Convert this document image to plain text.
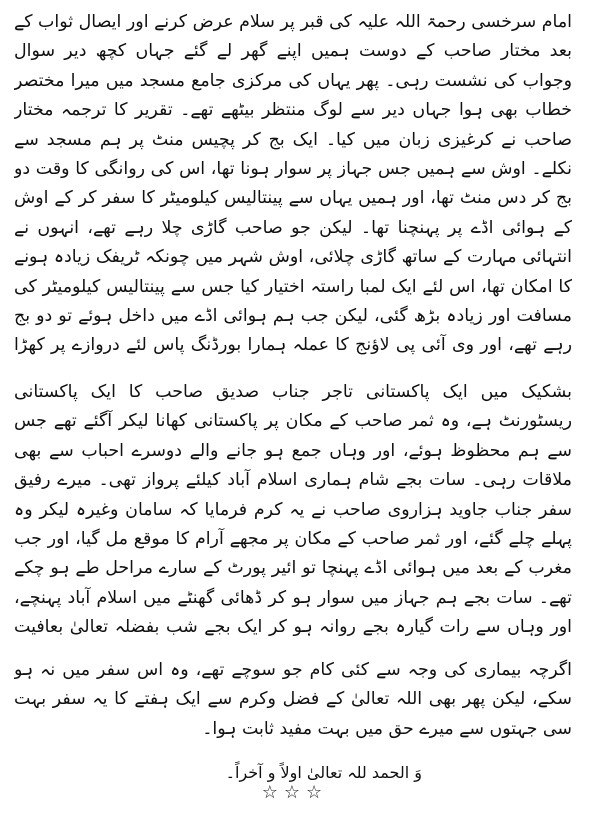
امام سرخسی رحمۃ اللہ علیہ کی قبر پر سلام عرض کرنے اور ایصال ثواب کے بعد مختار صاحب کے دوست ہمیں اپنے گھر لے گئے جہاں کچھ دیر سوال وجواب کی نشست رہی۔ پھر یہاں کی مرکزی جامع مسجد میں میرا مختصر خطاب بھی ہوا جہاں دیر سے لوگ منتظر بیٹھے تھے۔ تقریر کا ترجمہ مختار صاحب نے کرغیزی زبان میں کیا۔ ایک بج کر پچیس منٹ پر ہم مسجد سے نکلے۔ اوش سے ہمیں جس جہاز پر سوار ہونا تھا، اس کی روانگی کا وقت دو بج کر دس منٹ تھا، اور ہمیں یہاں سے پینتالیس کیلومیٹر کا سفر کر کے اوش کے ہوائی اڈے پر پہنچنا تھا۔ لیکن جو صاحب گاڑی چلا رہے تھے، انہوں نے انتہائی مہارت کے ساتھ گاڑی چلائی، اوش شہر میں چونکہ ٹریفک زیادہ ہونے کا امکان تھا، اس لئے ایک لمبا راستہ اختیار کیا جس سے پینتالیس کیلومیٹر کی مسافت اور زیادہ بڑھ گئی، لیکن جب ہم ہوائی اڈے میں داخل ہوئے تو دو بج رہے تھے، اور وی آئی پی لاؤنج کا عملہ ہمارا بورڈنگ پاس لئے دروازے پر کھڑا

بشکیک میں ایک پاکستانی تاجر جناب صدیق صاحب کا ایک پاکستانی ریسٹورنٹ ہے، وہ ثمر صاحب کے مکان پر پاکستانی کھانا لیکر آگئے تھے جس سے ہم محظوظ ہوئے، اور وہاں جمع ہو جانے والے دوسرے احباب سے بھی ملاقات رہی۔ سات بجے شام ہماری اسلام آباد کیلئے پرواز تھی۔ میرے رفیق سفر جناب جاوید ہزاروی صاحب نے یہ کرم فرمایا کہ سامان وغیرہ لیکر وہ پہلے چلے گئے، اور ثمر صاحب کے مکان پر مجھے آرام کا موقع مل گیا، اور جب مغرب کے بعد میں ہوائی اڈے پہنچا تو ائیر پورٹ کے سارے مراحل طے ہو چکے تھے۔ سات بجے ہم جہاز میں سوار ہو کر ڈھائی گھنٹے میں اسلام آباد پہنچے، اور وہاں سے رات گیارہ بجے روانہ ہو کر ایک بجے شب بفضلہ تعالیٰ بعافیت

اگرچہ بیماری کی وجہ سے کئی کام جو سوچے تھے، وہ اس سفر میں نہ ہو سکے، لیکن پھر بھی اللہ تعالیٰ کے فضل وکرم سے ایک ہفتے کا یہ سفر بہت سی جہتوں سے میرے حق میں بہت مفید ثابت ہوا۔

وَ الحمد للہ تعالیٰ اولاً و آخراً۔

☆☆☆
